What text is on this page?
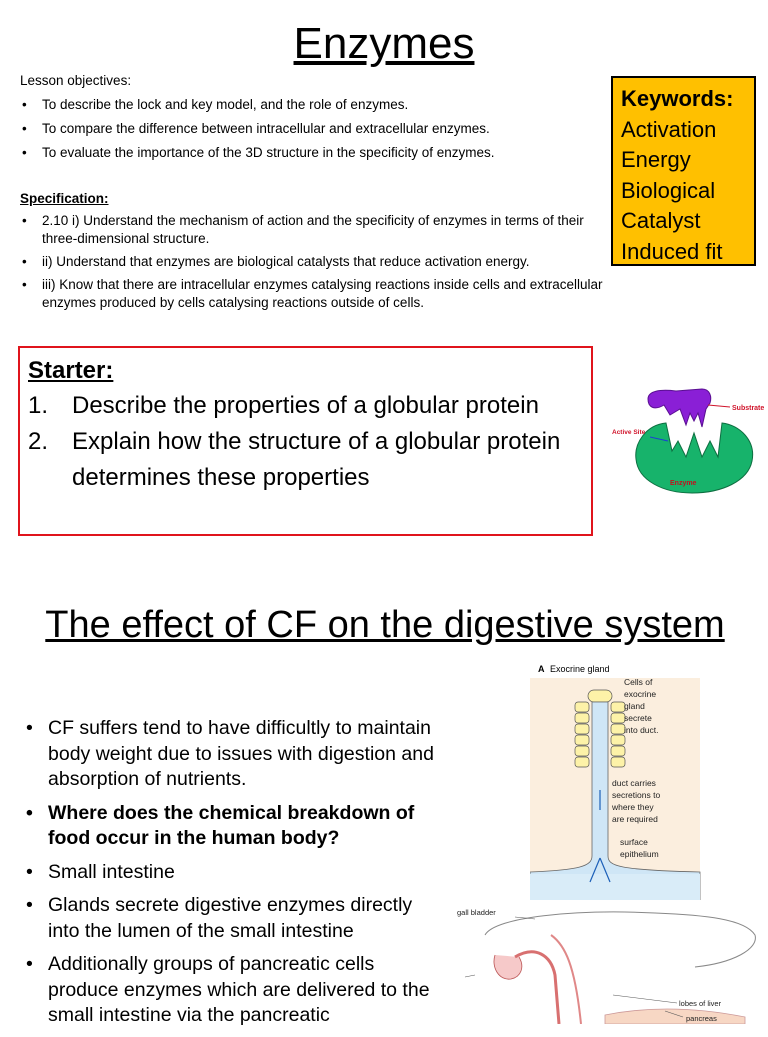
Enzymes
Lesson objectives:
• To describe the lock and key model, and the role of enzymes.
• To compare the difference between intracellular and extracellular enzymes.
• To evaluate the importance of the 3D structure in the specificity of enzymes.
Specification:
• 2.10 i) Understand the mechanism of action and the specificity of enzymes in terms of their three-dimensional structure.
• ii) Understand that enzymes are biological catalysts that reduce activation energy.
• iii) Know that there are intracellular enzymes catalysing reactions inside cells and extracellular enzymes produced by cells catalysing reactions outside of cells.
Keywords:
Activation
Energy
Biological
Catalyst
Induced fit
Starter:
1. Describe the properties of a globular protein
2. Explain how the structure of a globular protein determines these properties
Substrate
Active Site
Enzyme
The effect of CF on the digestive system
• CF suffers tend to have difficultly to maintain body weight due to issues with digestion and absorption of nutrients.
• Where does the chemical breakdown of food occur in the human body?
• Small intestine
• Glands secrete digestive enzymes directly into the lumen of the small intestine
• Additionally groups of pancreatic cells produce enzymes which are delivered to the small intestine via the pancreatic
A Exocrine gland
Cells of
exocrine
gland
secrete
into duct.
duct carries
secretions to
where they
are required
surface
epithelium
gall bladder
lobes of liver
pancreas
